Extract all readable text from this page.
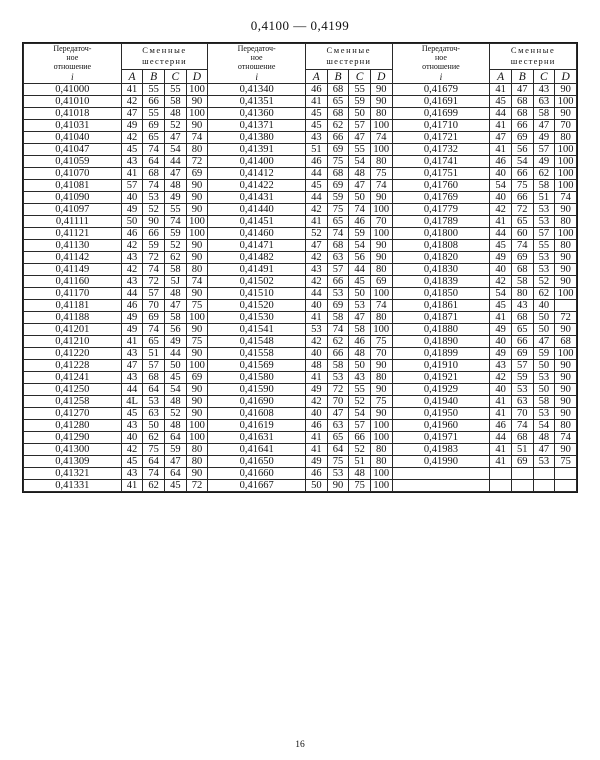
0,4100 — 0,4199
Передаточ-
ное
отношение
i	Сменные
шестерни				Передаточ-
ное
отношение
i	Сменные
шестерни				Передаточ-
ное
отношение
i	Сменные
шестерни			

	A	B	C	D		A	B	C	D		A	B	C	D
0,41000	41	55	55	100	0,41340	46	68	55	90	0,41679	41	47	43	90
0,41010	42	66	58	90	0,41351	41	65	59	90	0,41691	45	68	63	100
0,41018	47	55	48	100	0,41360	45	68	50	80	0,41699	44	68	58	90
0,41031	49	69	52	90	0,41371	45	62	57	100	0,41710	41	66	47	70
0,41040	42	65	47	74	0,41380	43	66	47	74	0,41721	47	69	49	80
0,41047	45	74	54	80	0,41391	51	69	55	100	0,41732	41	56	57	100
0,41059	43	64	44	72	0,41400	46	75	54	80	0,41741	46	54	49	100
0,41070	41	68	47	69	0,41412	44	68	48	75	0,41751	40	66	62	100
0,41081	57	74	48	90	0,41422	45	69	47	74	0,41760	54	75	58	100
0,41090	40	53	49	90	0,41431	44	59	50	90	0,41769	40	66	51	74
0,41097	49	52	55	90	0,41440	42	75	74	100	0,41779	42	72	53	90
0,41111	50	90	74	100	0,41451	41	65	46	70	0,41789	41	65	53	80
0,41121	46	66	59	100	0,41460	52	74	59	100	0,41800	44	60	57	100
0,41130	42	59	52	90	0,41471	47	68	54	90	0,41808	45	74	55	80
0,41142	43	72	62	90	0,41482	42	63	56	90	0,41820	49	69	53	90
0,41149	42	74	58	80	0,41491	43	57	44	80	0,41830	40	68	53	90
0,41160	43	72	5J	74	0,41502	42	66	45	69	0,41839	42	58	52	90
0,41170	44	57	48	90	0,41510	44	53	50	100	0,41850	54	80	62	100
0,41181	46	70	47	75	0,41520	40	69	53	74	0,41861	45	43	40	
0,41188	49	69	58	100	0,41530	41	58	47	80	0,41871	41	68	50	72
0,41201	49	74	56	90	0,41541	53	74	58	100	0,41880	49	65	50	90
0,41210	41	65	49	75	0,41548	42	62	46	75	0,41890	40	66	47	68
0,41220	43	51	44	90	0,41558	40	66	48	70	0,41899	49	69	59	100
0,41228	47	57	50	100	0,41569	48	58	50	90	0,41910	43	57	50	90
0,41241	43	68	45	69	0,41580	41	53	43	80	0,41921	42	59	53	90
0,41250	44	64	54	90	0,41590	49	72	55	90	0,41929	40	53	50	90
0,41258	4L	53	48	90	0,41690	42	70	52	75	0,41940	41	63	58	90
0,41270	45	63	52	90	0,41608	40	47	54	90	0,41950	41	70	53	90
0,41280	43	50	48	100	0,41619	46	63	57	100	0,41960	46	74	54	80
0,41290	40	62	64	100	0,41631	41	65	66	100	0,41971	44	68	48	74
0,41300	42	75	59	80	0,41641	41	64	52	80	0,41983	41	51	47	90
0,41309	45	64	47	80	0,41650	49	75	51	80	0,41990	41	69	53	75
0,41321	43	74	64	90	0,41660	46	53	48	100					
0,41331	41	62	45	72	0,41667	50	90	75	100					
16
